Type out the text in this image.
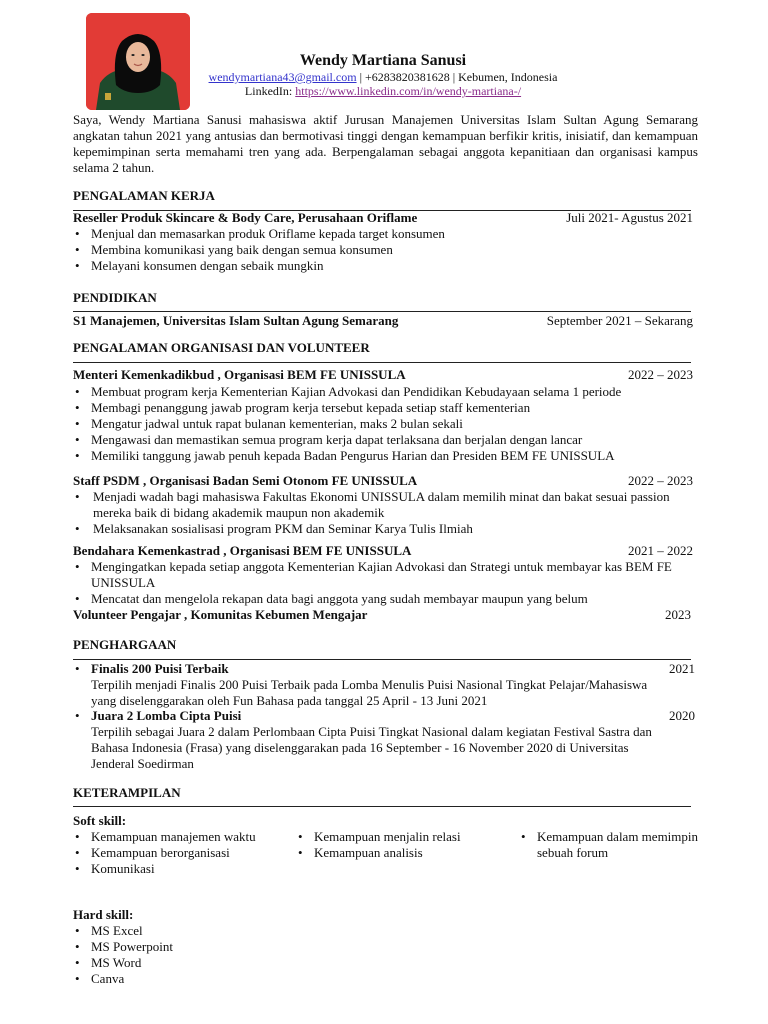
Wendy Martiana Sanusi
wendymartiana43@gmail.com | +6283820381628 | Kebumen, Indonesia
LinkedIn: https://www.linkedin.com/in/wendy-martiana-/
Saya, Wendy Martiana Sanusi mahasiswa aktif Jurusan Manajemen Universitas Islam Sultan Agung Semarang angkatan tahun 2021 yang antusias dan bermotivasi tinggi dengan kemampuan berfikir kritis, inisiatif, dan kemampuan kepemimpinan serta memahami tren yang ada. Berpengalaman sebagai anggota kepanitiaan dan organisasi kampus selama 2 tahun.
PENGALAMAN KERJA
Reseller Produk Skincare & Body Care, Perusahaan Oriflame	Juli 2021- Agustus 2021
• Menjual dan memasarkan produk Oriflame kepada target konsumen
• Membina komunikasi yang baik dengan semua konsumen
• Melayani konsumen dengan sebaik mungkin
PENDIDIKAN
S1 Manajemen, Universitas Islam Sultan Agung Semarang	September 2021 – Sekarang
PENGALAMAN ORGANISASI DAN VOLUNTEER
Menteri Kemenkadikbud , Organisasi BEM FE UNISSULA	2022 – 2023
• Membuat program kerja Kementerian Kajian Advokasi dan Pendidikan Kebudayaan selama 1 periode
• Membagi penanggung jawab program kerja tersebut kepada setiap staff kementerian
• Mengatur jadwal untuk rapat bulanan kementerian, maks 2 bulan sekali
• Mengawasi dan memastikan semua program kerja dapat terlaksana dan berjalan dengan lancar
• Memiliki tanggung jawab penuh kepada Badan Pengurus Harian dan Presiden BEM FE UNISSULA
Staff PSDM , Organisasi Badan Semi Otonom FE UNISSULA	2022 – 2023
• Menjadi wadah bagi mahasiswa Fakultas Ekonomi UNISSULA dalam memilih minat dan bakat sesuai passion mereka baik di bidang akademik maupun non akademik
• Melaksanakan sosialisasi program PKM dan Seminar Karya Tulis Ilmiah
Bendahara Kemenkastrad , Organisasi BEM FE UNISSULA	2021 – 2022
• Mengingatkan kepada setiap anggota Kementerian Kajian Advokasi dan Strategi untuk membayar kas BEM FE UNISSULA
• Mencatat dan mengelola rekapan data bagi anggota yang sudah membayar maupun yang belum
Volunteer Pengajar , Komunitas Kebumen Mengajar	2023
PENGHARGAAN
• Finalis 200 Puisi Terbaik	2021
Terpilih menjadi Finalis 200 Puisi Terbaik pada Lomba Menulis Puisi Nasional Tingkat Pelajar/Mahasiswa yang diselenggarakan oleh Fun Bahasa pada tanggal 25 April - 13 Juni 2021
• Juara 2 Lomba Cipta Puisi	2020
Terpilih sebagai Juara 2 dalam Perlombaan Cipta Puisi Tingkat Nasional dalam kegiatan Festival Sastra dan Bahasa Indonesia (Frasa) yang diselenggarakan pada 16 September - 16 November 2020 di Universitas Jenderal Soedirman
KETERAMPILAN
Soft skill:
• Kemampuan manajemen waktu
• Kemampuan berorganisasi
• Komunikasi
• Kemampuan menjalin relasi
• Kemampuan analisis
• Kemampuan dalam memimpin sebuah forum
Hard skill:
• MS Excel
• MS Powerpoint
• MS Word
• Canva
